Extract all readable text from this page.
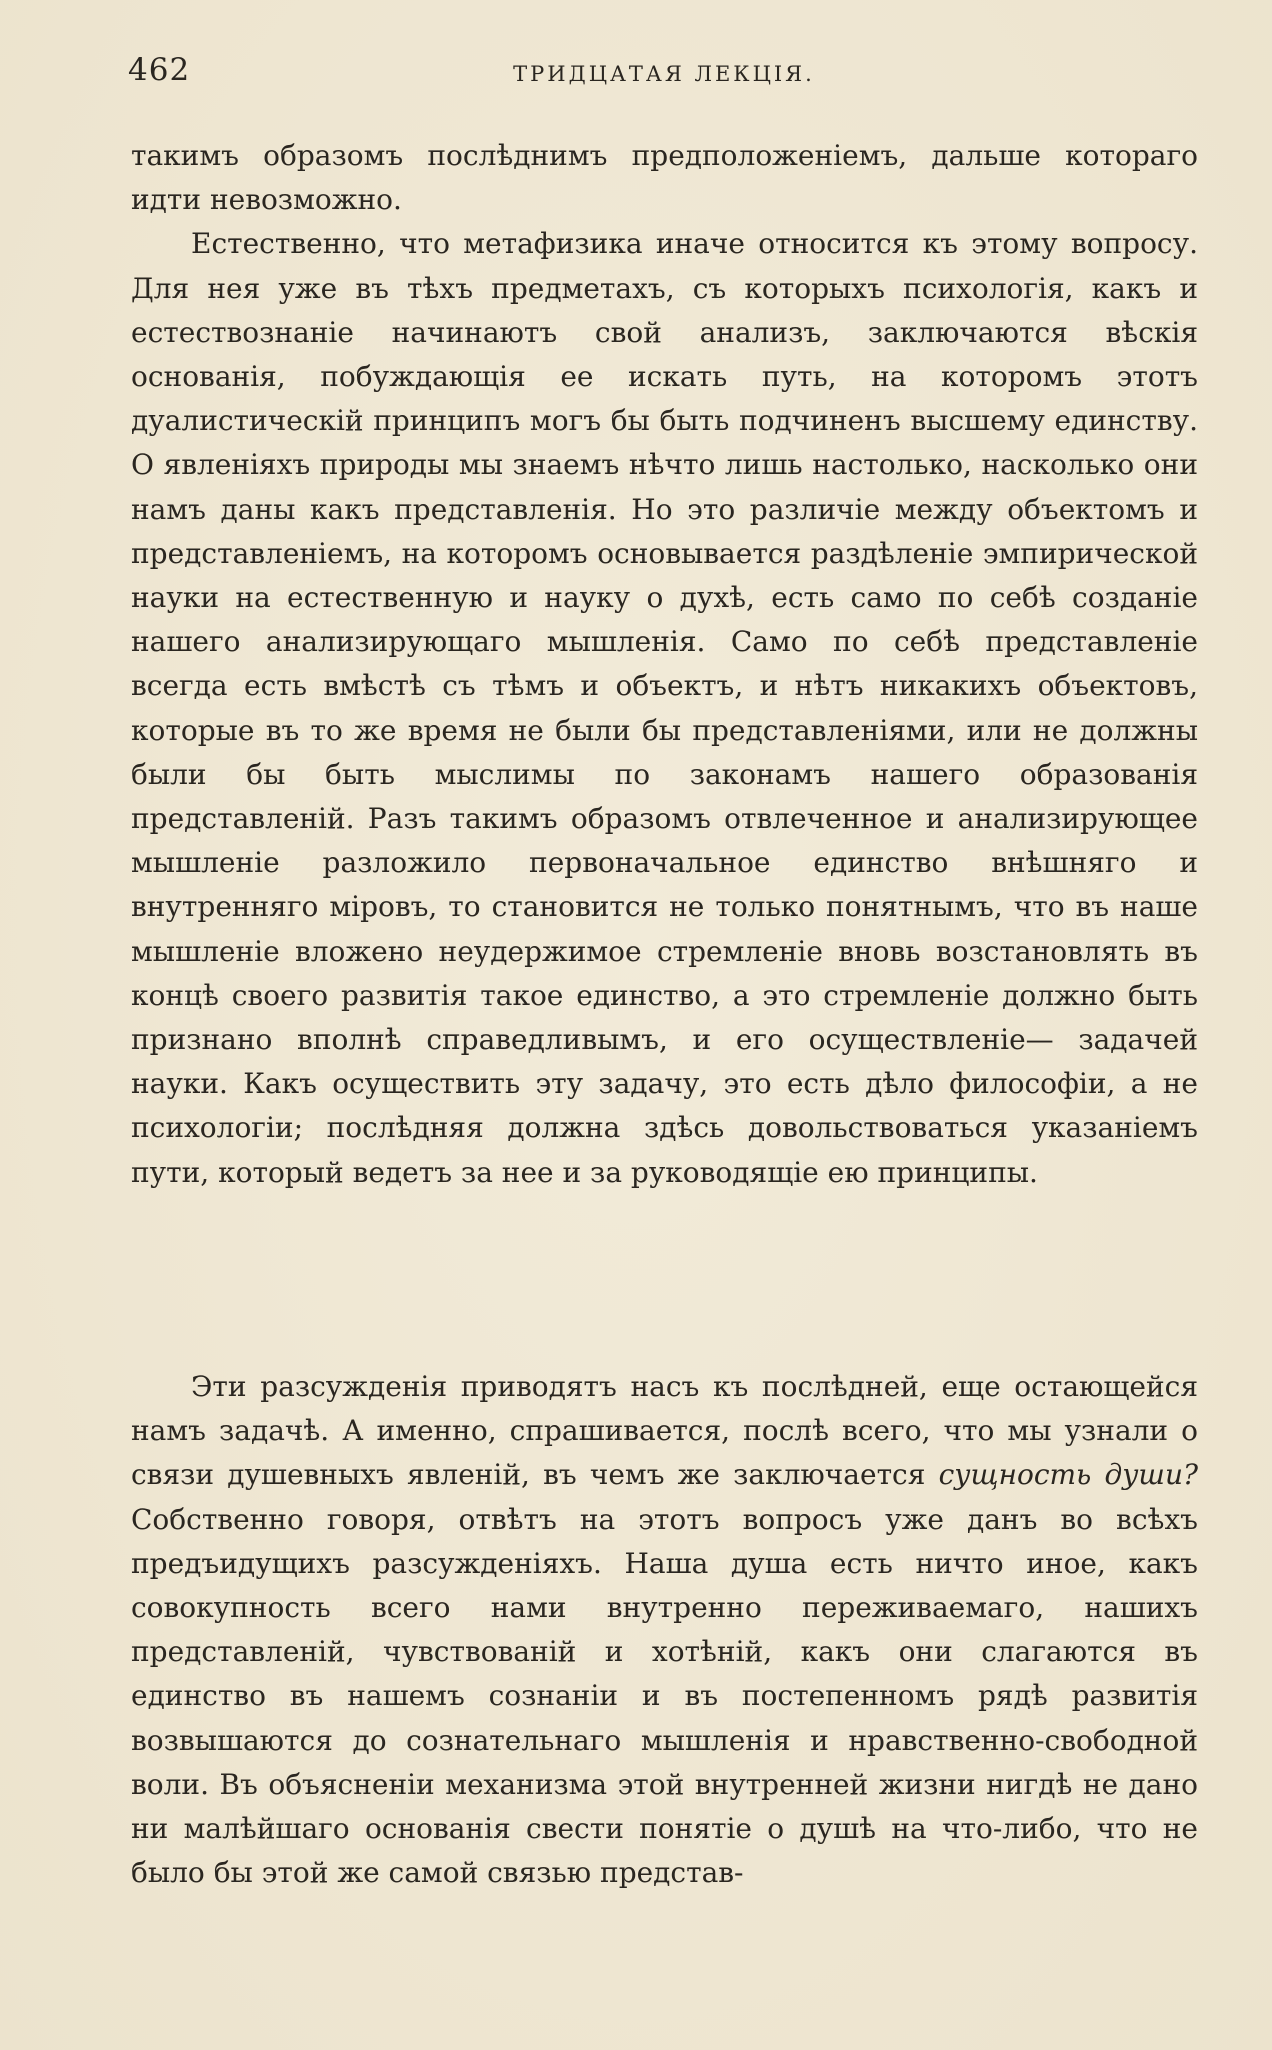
462	ТРИДЦАТАЯ ЛЕКЦІЯ.

такимъ образомъ послѣднимъ предположеніемъ, дальше котораго идти невозможно.

Естественно, что метафизика иначе относится къ этому вопросу. Для нея уже въ тѣхъ предметахъ, съ которыхъ психологія, какъ и естествознаніе начинаютъ свой анализъ, заключаются вѣскія основанія, побуждающія ее искать путь, на которомъ этотъ дуалистическій принципъ могъ бы быть подчиненъ высшему единству. О явленіяхъ природы мы знаемъ нѣчто лишь настолько, насколько они намъ даны какъ представленія. Но это различіе между объектомъ и представленіемъ, на которомъ основывается раздѣленіе эмпирической науки на естественную и науку о духѣ, есть само по себѣ созданіе нашего анализирующаго мышленія. Само по себѣ представленіе всегда есть вмѣстѣ съ тѣмъ и объектъ, и нѣтъ никакихъ объектовъ, которые въ то же время не были бы представленіями, или не должны были бы быть мыслимы по законамъ нашего образованія представленій. Разъ такимъ образомъ отвлеченное и анализирующее мышленіе разложило первоначальное единство внѣшняго и внутренняго міровъ, то становится не только понятнымъ, что въ наше мышленіе вложено неудержимое стремленіе вновь возстановлять въ концѣ своего развитія такое единство, а это стремленіе должно быть признано вполнѣ справедливымъ, и его осуществленіе— задачей науки. Какъ осуществить эту задачу, это есть дѣло философіи, а не психологіи; послѣдняя должна здѣсь довольствоваться указаніемъ пути, который ведетъ за нее и за руководящіе ею принципы.

Эти разсужденія приводятъ насъ къ послѣдней, еще остающейся намъ задачѣ. А именно, спрашивается, послѣ всего, что мы узнали о связи душевныхъ явленій, въ чемъ же заключается сущность души? Собственно говоря, отвѣтъ на этотъ вопросъ уже данъ во всѣхъ предъидущихъ разсужденіяхъ. Наша душа есть ничто иное, какъ совокупность всего нами внутренно переживаемаго, нашихъ представленій, чувствованій и хотѣній, какъ они слагаются въ единство въ нашемъ сознаніи и въ постепенномъ рядѣ развитія возвышаются до сознательнаго мышленія и нравственно-свободной воли. Въ объясненіи механизма этой внутренней жизни нигдѣ не дано ни малѣйшаго основанія свести понятіе о душѣ на что-либо, что не было бы этой же самой связью представ-
